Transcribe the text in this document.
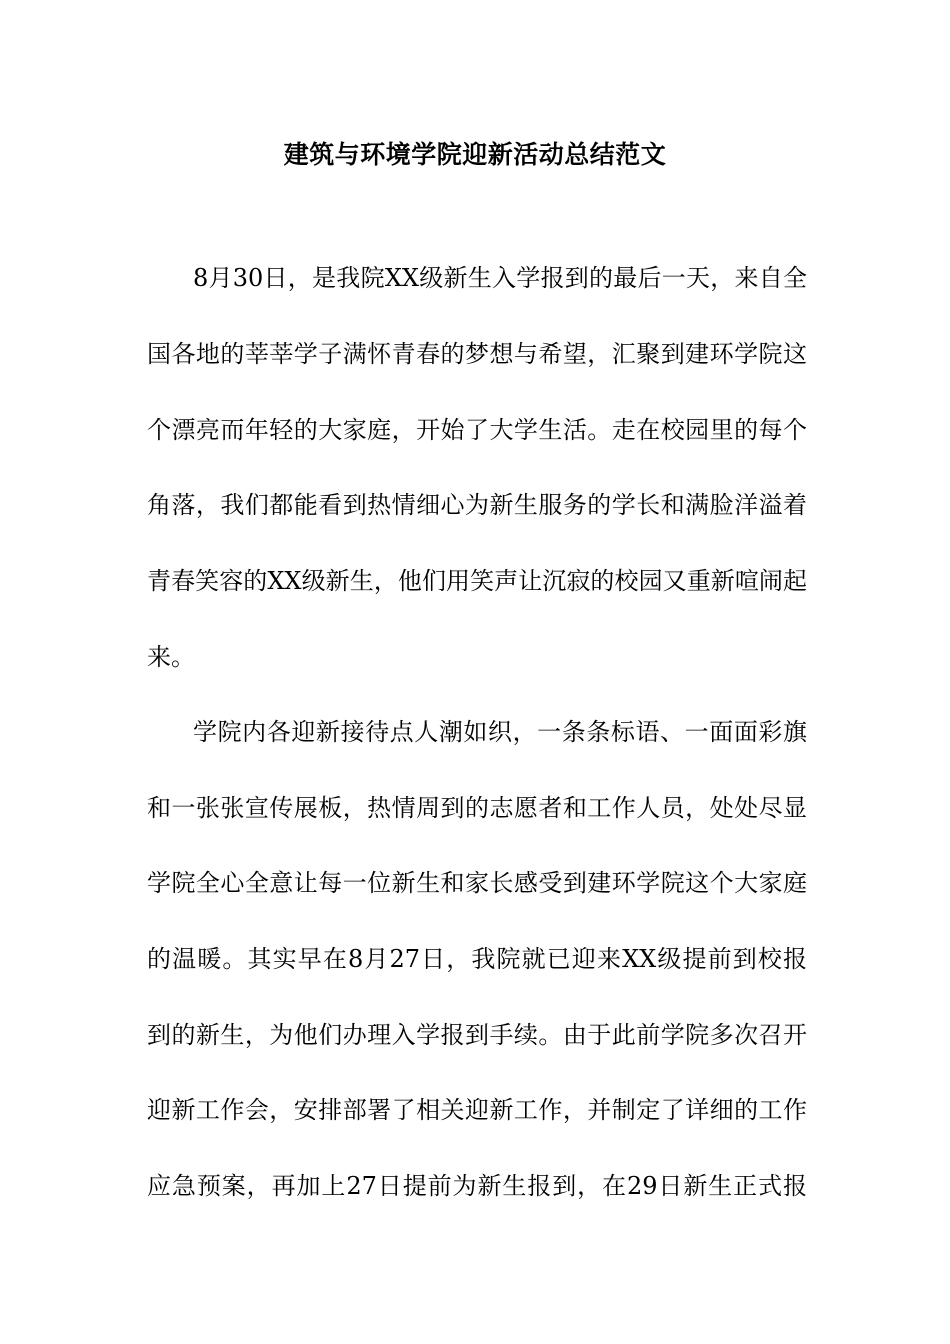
建筑与环境学院迎新活动总结范文
8月30日，是我院XX级新生入学报到的最后一天，来自全
国各地的莘莘学子满怀青春的梦想与希望，汇聚到建环学院这
个漂亮而年轻的大家庭，开始了大学生活。走在校园里的每个
角落，我们都能看到热情细心为新生服务的学长和满脸洋溢着
青春笑容的XX级新生，他们用笑声让沉寂的校园又重新喧闹起
来。
学院内各迎新接待点人潮如织，一条条标语、一面面彩旗
和一张张宣传展板，热情周到的志愿者和工作人员，处处尽显
学院全心全意让每一位新生和家长感受到建环学院这个大家庭
的温暖。其实早在8月27日，我院就已迎来XX级提前到校报
到的新生，为他们办理入学报到手续。由于此前学院多次召开
迎新工作会，安排部署了相关迎新工作，并制定了详细的工作
应急预案，再加上27日提前为新生报到，在29日新生正式报
